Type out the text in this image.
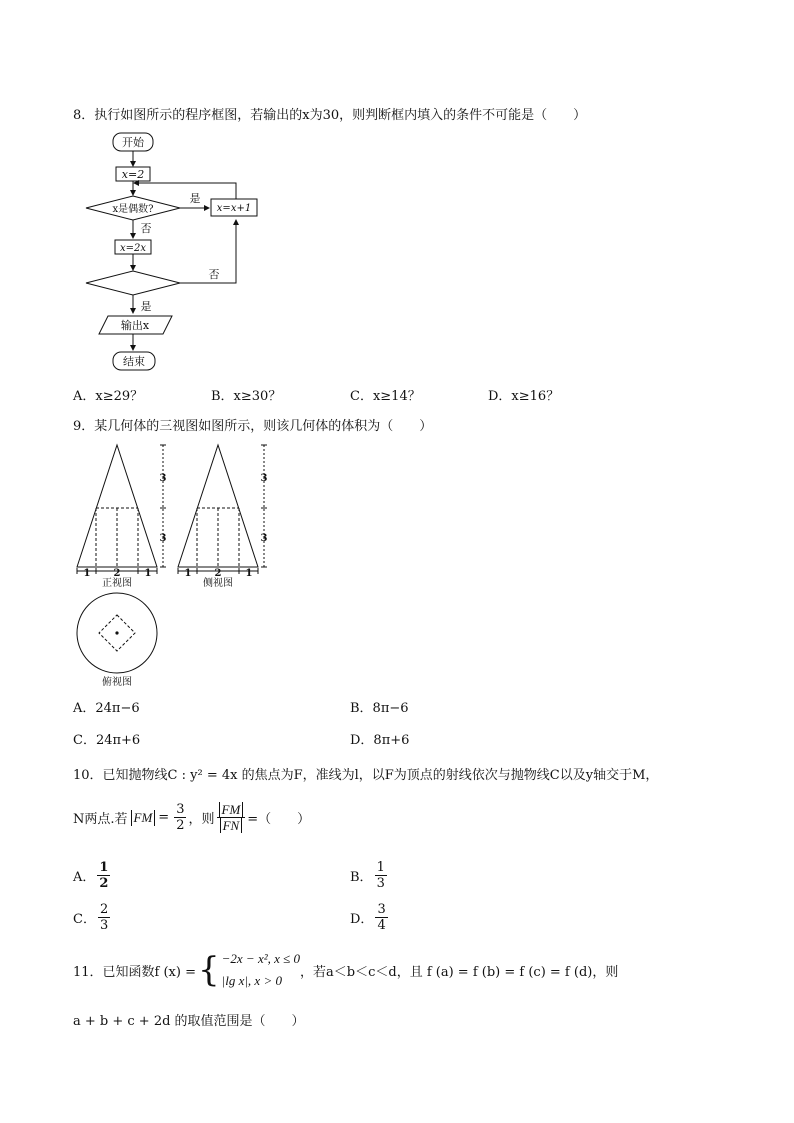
8．执行如图所示的程序框图，若输出的x为30，则判断框内填入的条件不可能是（　　）
开始
x=2
x是偶数?	x=x+1
是
否
x=2x
否
是
输出x
结束
A．x≥29？	B．x≥30？	C．x≥14？	D．x≥16？
9．某几何体的三视图如图所示，则该几何体的体积为（　　）
3
3
3
3
1 2 1	1 2 1
正视图	侧视图
俯视图
A．24π−6	B．8π−6
C．24π+6	D．8π+6
10．已知抛物线C : y² = 4x 的焦点为F，准线为l，以F为顶点的射线依次与抛物线C以及y轴交于M，
N两点.若 FM = $\frac{3}{2}$ ，则 $\frac{FM}{FN}$ =（　　）
A． $\frac{1}{2}$	B． $\frac{1}{3}$
C． $\frac{2}{3}$	D． $\frac{3}{4}$
11．已知函数f (x) = { −2x − x², x ≤ 0
|lg x|, x > 0
，若a＜b＜c＜d，且 f (a) = f (b) = f (c) = f (d)，则
a + b + c + 2d 的取值范围是（　　）
